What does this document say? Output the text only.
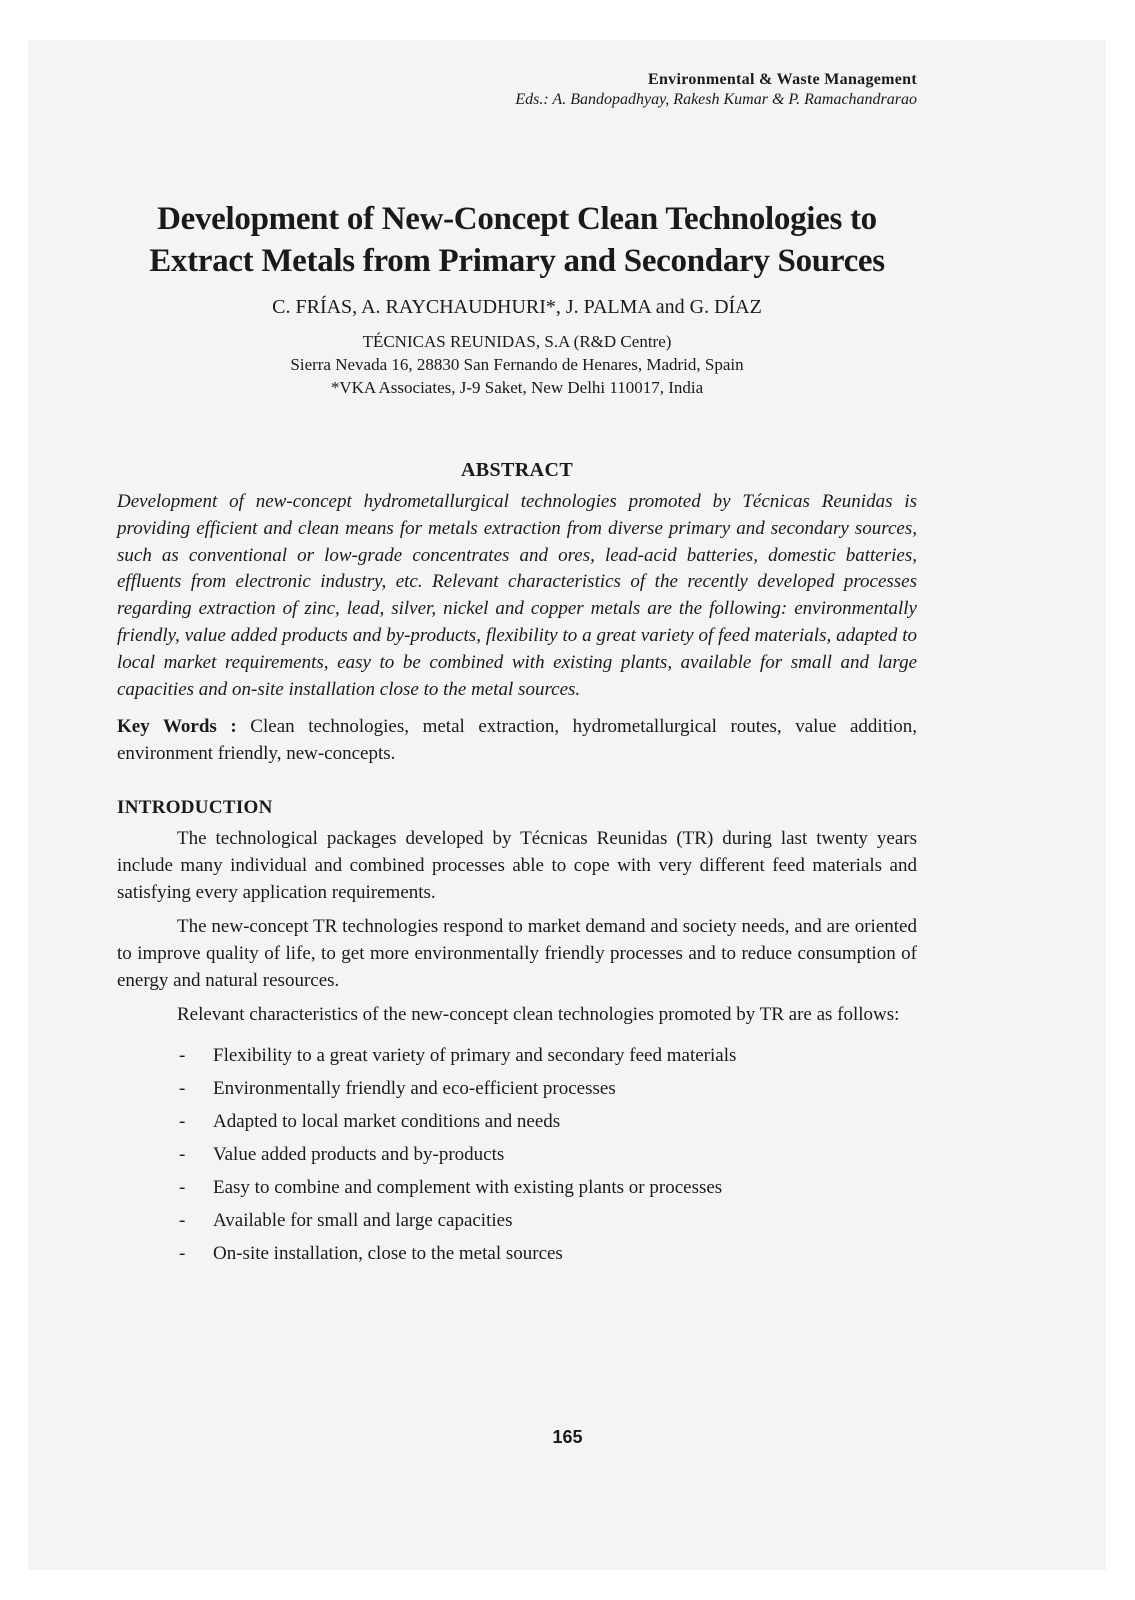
Environmental & Waste Management
Eds.: A. Bandopadhyay, Rakesh Kumar & P. Ramachandrarao
Development of New-Concept Clean Technologies to
Extract Metals from Primary and Secondary Sources

C. FRÍAS, A. RAYCHAUDHURI*, J. PALMA and G. DÍAZ

TÉCNICAS REUNIDAS, S.A (R&D Centre)

Sierra Nevada 16, 28830 San Fernando de Henares, Madrid, Spain

*VKA Associates, J-9 Saket, New Delhi 110017, India

ABSTRACT

Development of new-concept hydrometallurgical technologies promoted by Técnicas Reunidas is providing efficient and clean means for metals extraction from diverse primary and secondary sources, such as conventional or low-grade concentrates and ores, lead-acid batteries, domestic batteries, effluents from electronic industry, etc. Relevant characteristics of the recently developed processes regarding extraction of zinc, lead, silver, nickel and copper metals are the following: environmentally friendly, value added products and by-products, flexibility to a great variety of feed materials, adapted to local market requirements, easy to be combined with existing plants, available for small and large capacities and on-site installation close to the metal sources.

Key Words : Clean technologies, metal extraction, hydrometallurgical routes, value addition, environment friendly, new-concepts.

INTRODUCTION

The technological packages developed by Técnicas Reunidas (TR) during last twenty years include many individual and combined processes able to cope with very different feed materials and satisfying every application requirements.

The new-concept TR technologies respond to market demand and society needs, and are oriented to improve quality of life, to get more environmentally friendly processes and to reduce consumption of energy and natural resources.

Relevant characteristics of the new-concept clean technologies promoted by TR are as follows:

- Flexibility to a great variety of primary and secondary feed materials
- Environmentally friendly and eco-efficient processes
- Adapted to local market conditions and needs
- Value added products and by-products
- Easy to combine and complement with existing plants or processes
- Available for small and large capacities
- On-site installation, close to the metal sources

165
